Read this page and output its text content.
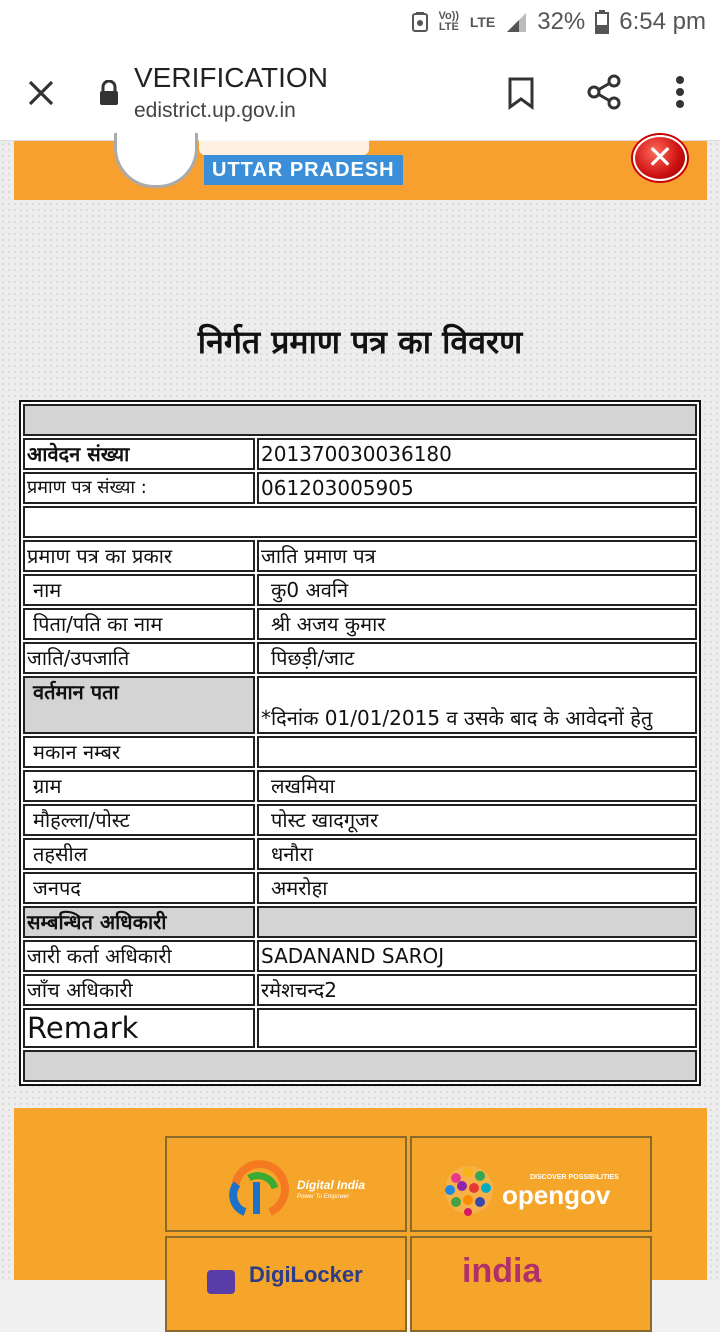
Vo)) LTE LTE 32% 6:54 pm
VERIFICATION
edistrict.up.gov.in
UTTAR PRADESH	✕
निर्गत प्रमाण पत्र का विवरण

आवेदन संख्या	201370030036180
प्रमाण पत्र संख्या :	061203005905

प्रमाण पत्र का प्रकार	जाति प्रमाण पत्र
नाम	कु0 अवनि
पिता/पति का नाम	श्री अजय कुमार
जाति/उपजाति	पिछड़ी/जाट
वर्तमान पता	*दिनांक 01/01/2015 व उसके बाद के आवेदनों हेतु
मकान नम्बर	
ग्राम	लखमिया
मौहल्ला/पोस्ट	पोस्ट खादगूजर
तहसील	धनौरा
जनपद	अमरोहा
सम्बन्धित अधिकारी	
जारी कर्ता अधिकारी	SADANAND SAROJ
जाँच अधिकारी	रमेशचन्द2
Remark	

Digital India
Power To Empower
DISCOVER POSSIBILITIES
opengov
DigiLocker	india
